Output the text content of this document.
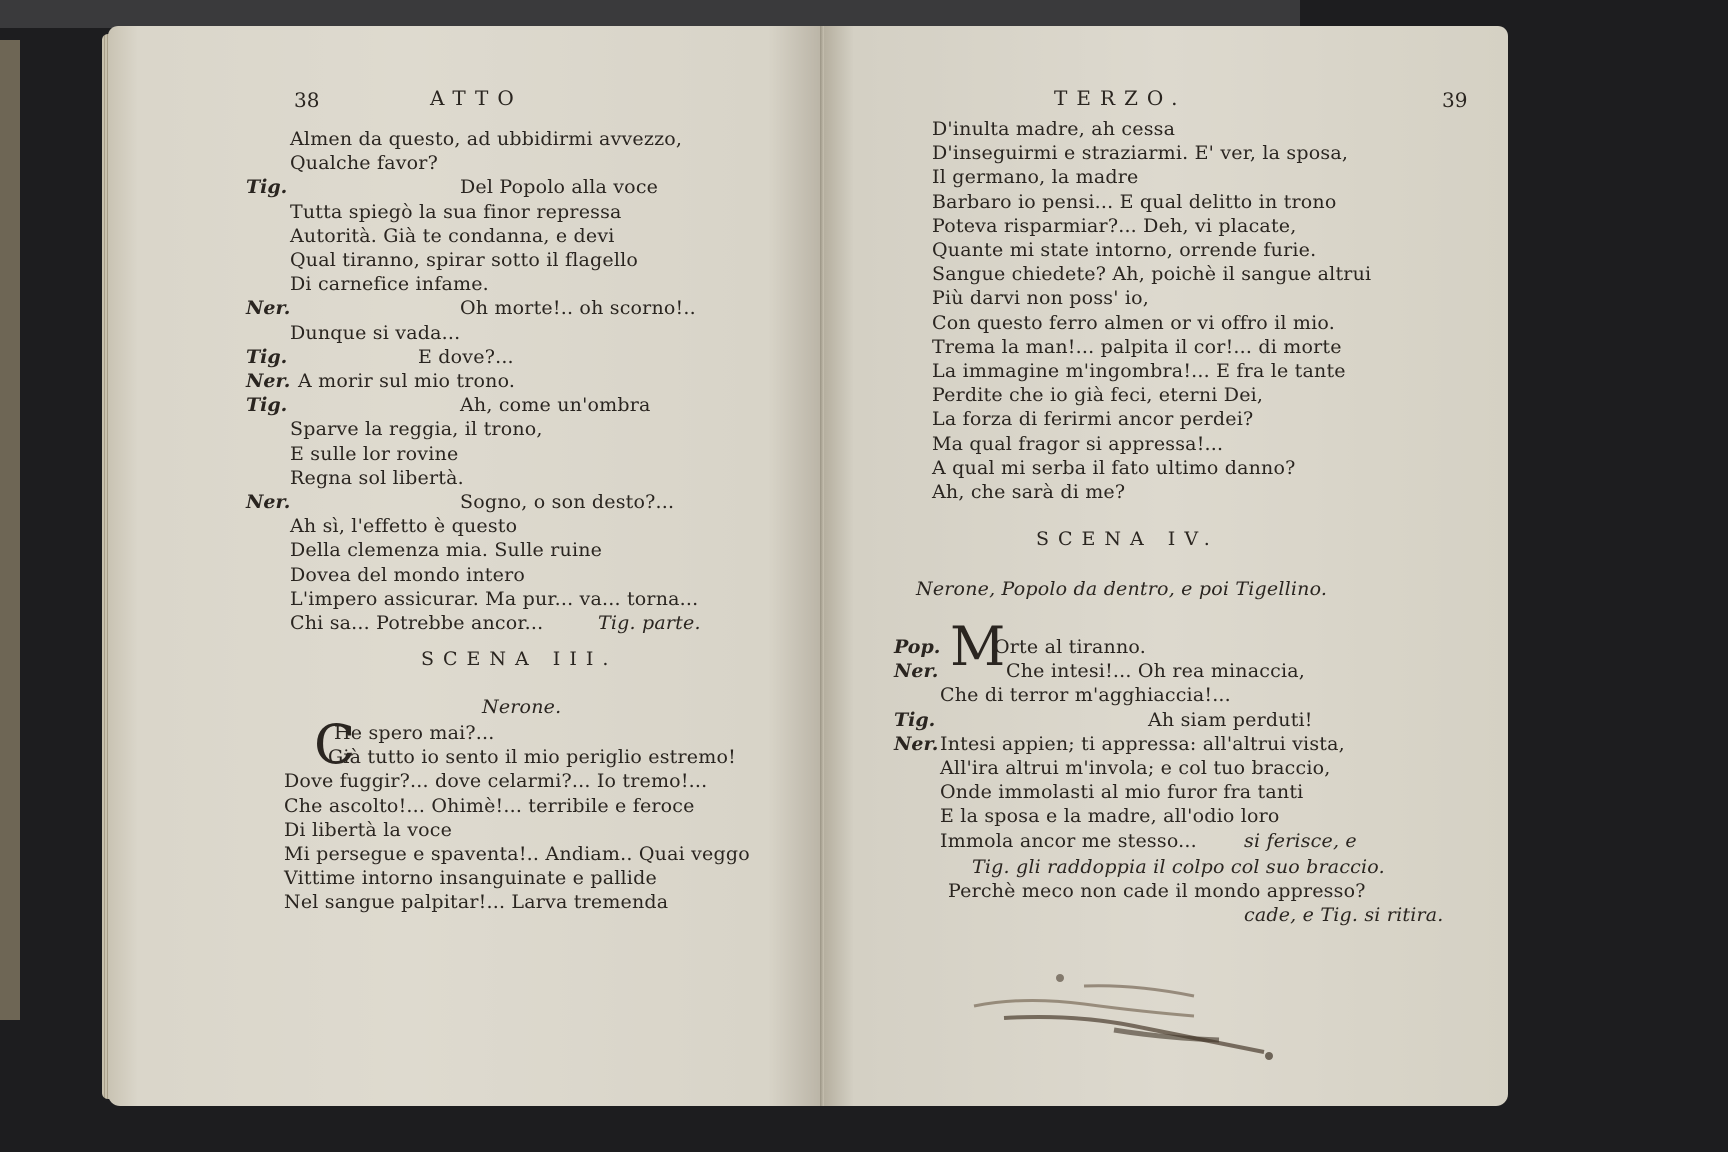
38	ATTO
SCENA III.
Nerone.
C
Almen da questo, ad ubbidirmi avvezzo,
Qualche favor?
Tig.	Del Popolo alla voce
Tutta spiegò la sua finor repressa
Autorità. Già te condanna, e devi
Qual tiranno, spirar sotto il flagello
Di carnefice infame.
Ner.	Oh morte!.. oh scorno!..
Dunque si vada...
Tig.	E dove?...
Ner. A morir sul mio trono.
Tig.	Ah, come un'ombra
Sparve la reggia, il trono,
E sulle lor rovine
Regna sol libertà.
Ner.	Sogno, o son desto?...
Ah sì, l'effetto è questo
Della clemenza mia. Sulle ruine
Dovea del mondo intero
L'impero assicurar. Ma pur... va... torna...
Chi sa... Potrebbe ancor...	Tig. parte.
He spero mai?...
Già tutto io sento il mio periglio estremo!
Dove fuggir?... dove celarmi?... Io tremo!...
Che ascolto!... Ohimè!... terribile e feroce
Di libertà la voce
Mi persegue e spaventa!.. Andiam.. Quai veggo
Vittime intorno insanguinate e pallide
Nel sangue palpitar!... Larva tremenda
TERZO.	39
SCENA IV.
Nerone, Popolo da dentro, e poi Tigellino.
M
Tig. gli raddoppia il colpo col suo braccio.
Perchè meco non cade il mondo appresso?
cade, e Tig. si ritira.
D'inulta madre, ah cessa
D'inseguirmi e straziarmi. E' ver, la sposa,
Il germano, la madre
Barbaro io pensi... E qual delitto in trono
Poteva risparmiar?... Deh, vi placate,
Quante mi state intorno, orrende furie.
Sangue chiedete? Ah, poichè il sangue altrui
Più darvi non poss' io,
Con questo ferro almen or vi offro il mio.
Trema la man!... palpita il cor!... di morte
La immagine m'ingombra!... E fra le tante
Perdite che io già feci, eterni Dei,
La forza di ferirmi ancor perdei?
Ma qual fragor si appressa!...
A qual mi serba il fato ultimo danno?
Ah, che sarà di me?
Pop.	Orte al tiranno.
Ner.	Che intesi!... Oh rea minaccia,
Che di terror m'agghiaccia!...
Tig.	Ah siam perduti!
Ner. Intesi appien; ti appressa: all'altrui vista,
All'ira altrui m'invola; e col tuo braccio,
Onde immolasti al mio furor fra tanti
E la sposa e la madre, all'odio loro
Immola ancor me stesso... si ferisce, e
